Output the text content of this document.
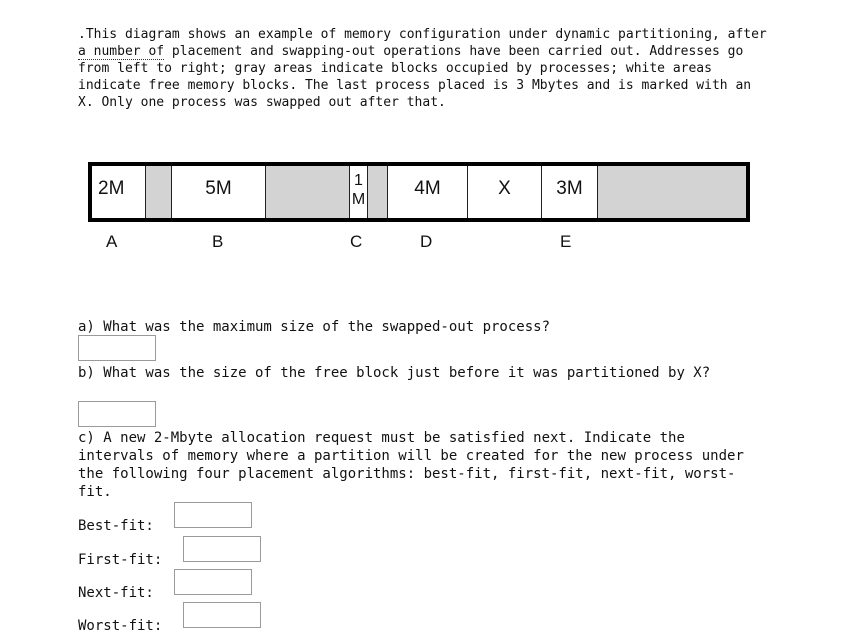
.This diagram shows an example of memory configuration under dynamic partitioning, after a number of placement and swapping-out operations have been carried out. Addresses go from left to right; gray areas indicate blocks occupied by processes; white areas indicate free memory blocks. The last process placed is 3 Mbytes and is marked with an X. Only one process was swapped out after that.

2M	5M	1
M
4M	X	3M
A	B	C	D	E

a) What was the maximum size of the swapped-out process?

b) What was the size of the free block just before it was partitioned by X?

c) A new 2-Mbyte allocation request must be satisfied next. Indicate the intervals of memory where a partition will be created for the new process under the following four placement algorithms: best-fit, first-fit, next-fit, worst-fit.

Best-fit:
First-fit:
Next-fit:
Worst-fit:
